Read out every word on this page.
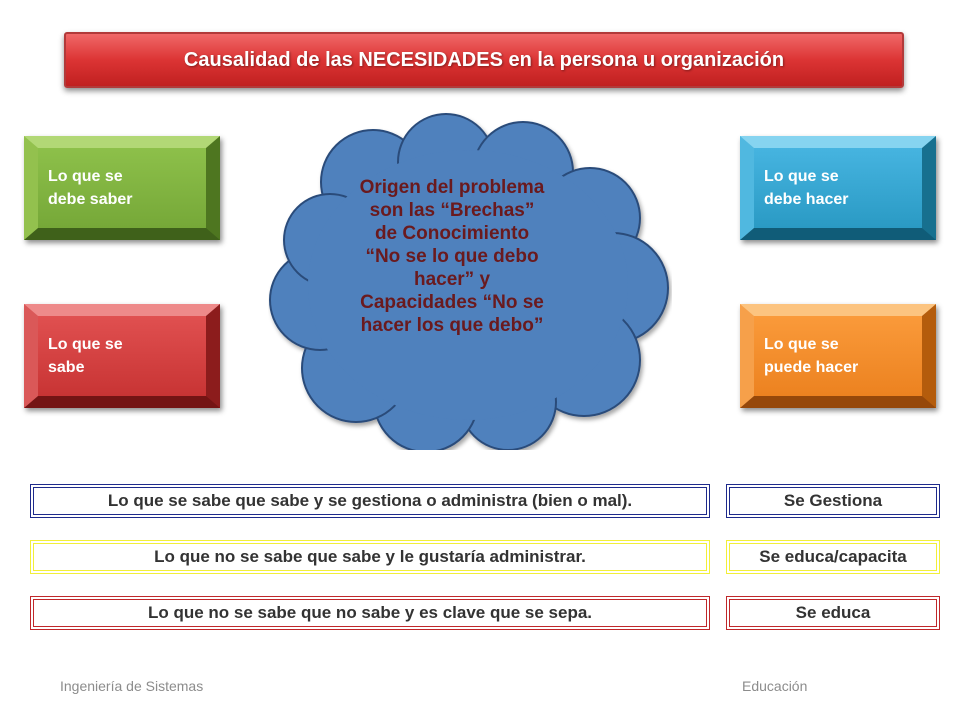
Causalidad de las NECESIDADES en la persona u organización
Lo que se
debe saber
Lo que se
sabe
Lo que se
debe hacer
Lo que se
puede hacer
Origen del problema
son las “Brechas”
de Conocimiento
“No se lo que debo
hacer” y
Capacidades “No se
hacer los que debo”
Lo que se sabe que sabe y se gestiona o administra (bien o mal).	Se Gestiona
Lo que no se sabe que sabe y le gustaría administrar.	Se educa/capacita
Lo que no se sabe que no sabe y es clave que se sepa.	Se educa
Ingeniería de Sistemas	Educación
